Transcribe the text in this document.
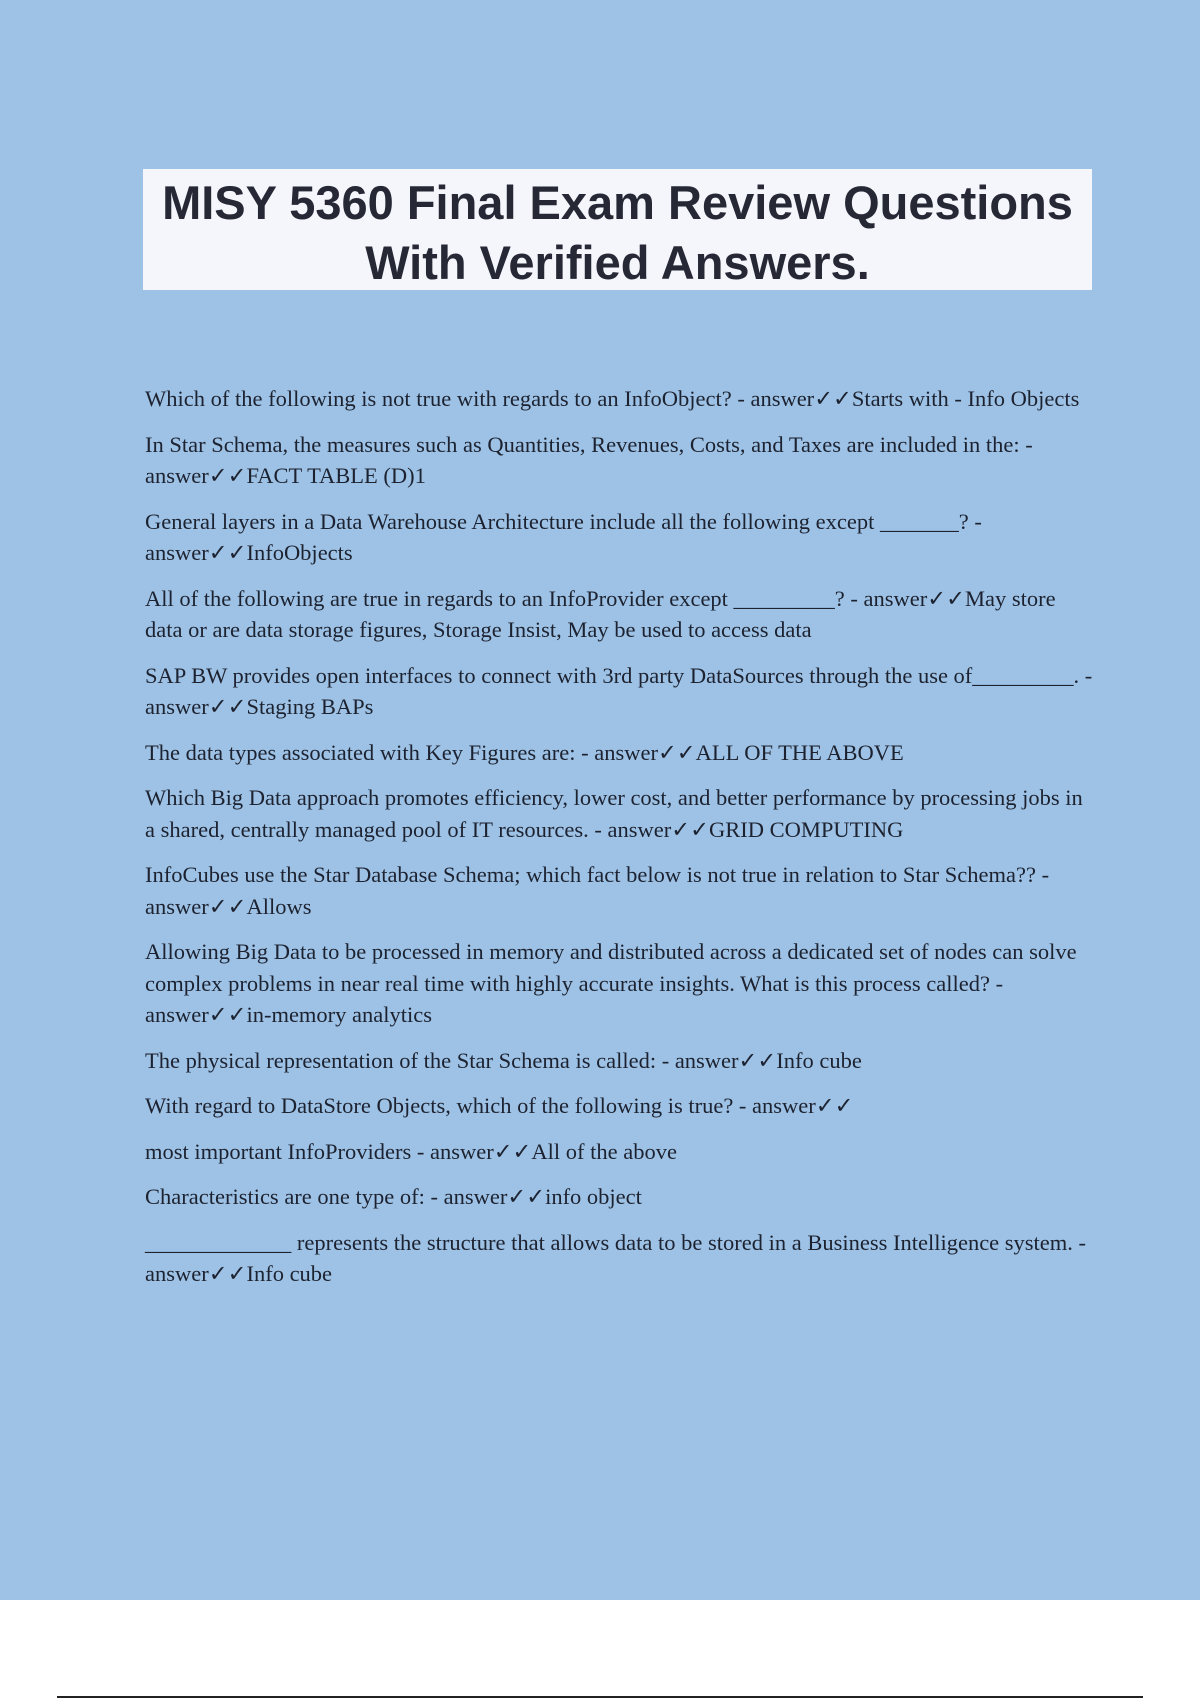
MISY 5360 Final Exam Review Questions
With Verified Answers.

Which of the following is not true with regards to an InfoObject? - answer✓✓Starts with - Info Objects

In Star Schema, the measures such as Quantities, Revenues, Costs, and Taxes are included in the: - answer✓✓FACT TABLE (D)1

General layers in a Data Warehouse Architecture include all the following except _______? - answer✓✓InfoObjects

All of the following are true in regards to an InfoProvider except _________? - answer✓✓May store data or are data storage figures, Storage Insist, May be used to access data

SAP BW provides open interfaces to connect with 3rd party DataSources through the use of_________. - answer✓✓Staging BAPs

The data types associated with Key Figures are: - answer✓✓ALL OF THE ABOVE

Which Big Data approach promotes efficiency, lower cost, and better performance by processing jobs in a shared, centrally managed pool of IT resources. - answer✓✓GRID COMPUTING

InfoCubes use the Star Database Schema; which fact below is not true in relation to Star Schema?? - answer✓✓Allows

Allowing Big Data to be processed in memory and distributed across a dedicated set of nodes can solve complex problems in near real time with highly accurate insights. What is this process called? - answer✓✓in-memory analytics

The physical representation of the Star Schema is called: - answer✓✓Info cube

With regard to DataStore Objects, which of the following is true? - answer✓✓

most important InfoProviders - answer✓✓All of the above

Characteristics are one type of: - answer✓✓info object

_____________ represents the structure that allows data to be stored in a Business Intelligence system. - answer✓✓Info cube
